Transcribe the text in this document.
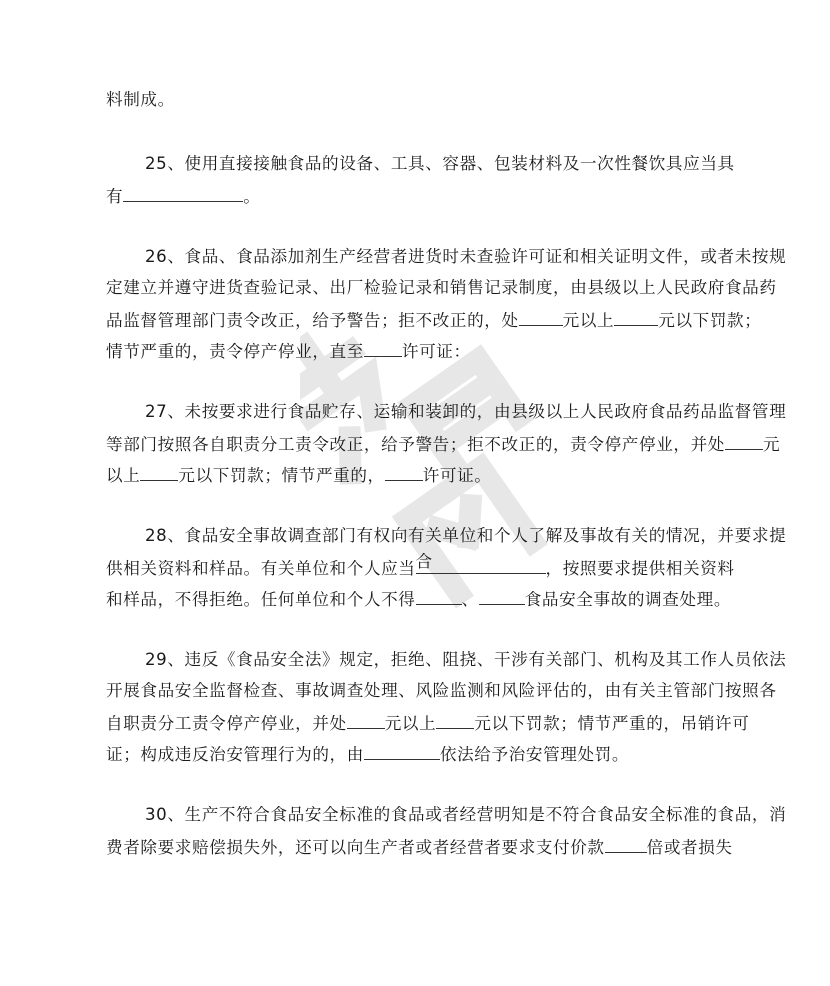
料制成。
25、使用直接接触食品的设备、工具、容器、包装材料及一次性餐饮具应当具
有	。
26、食品、食品添加剂生产经营者进货时未查验许可证和相关证明文件，或者未按规
定建立并遵守进货查验记录、出厂检验记录和销售记录制度，由县级以上人民政府食品药
品监督管理部门责令改正，给予警告；拒不改正的，处	元以上	元以下罚款；
情节严重的，责令停产停业，直至 许可证：
27、未按要求进行食品贮存、运输和装卸的，由县级以上人民政府食品药品监督管理
等部门按照各自职责分工责令改正，给予警告；拒不改正的，责令停产停业，并处 元
以上 元以下罚款；情节严重的， 许可证。
28、食品安全事故调查部门有权向有关单位和个人了解及事故有关的情况，并要求提
供相关资料和样品。有关单位和个人应当 合	，按照要求提供相关资料
和样品，不得拒绝。任何单位和个人不得	、	食品安全事故的调查处理。
29、违反《食品安全法》规定，拒绝、阻挠、干涉有关部门、机构及其工作人员依法
开展食品安全监督检查、事故调查处理、风险监测和风险评估的，由有关主管部门按照各
自职责分工责令停产停业，并处 元以上 元以下罚款；情节严重的，吊销许可
证；构成违反治安管理行为的，由	依法给予治安管理处罚。
30、生产不符合食品安全标准的食品或者经营明知是不符合食品安全标准的食品，消
费者除要求赔偿损失外，还可以向生产者或者经营者要求支付价款	倍或者损失
